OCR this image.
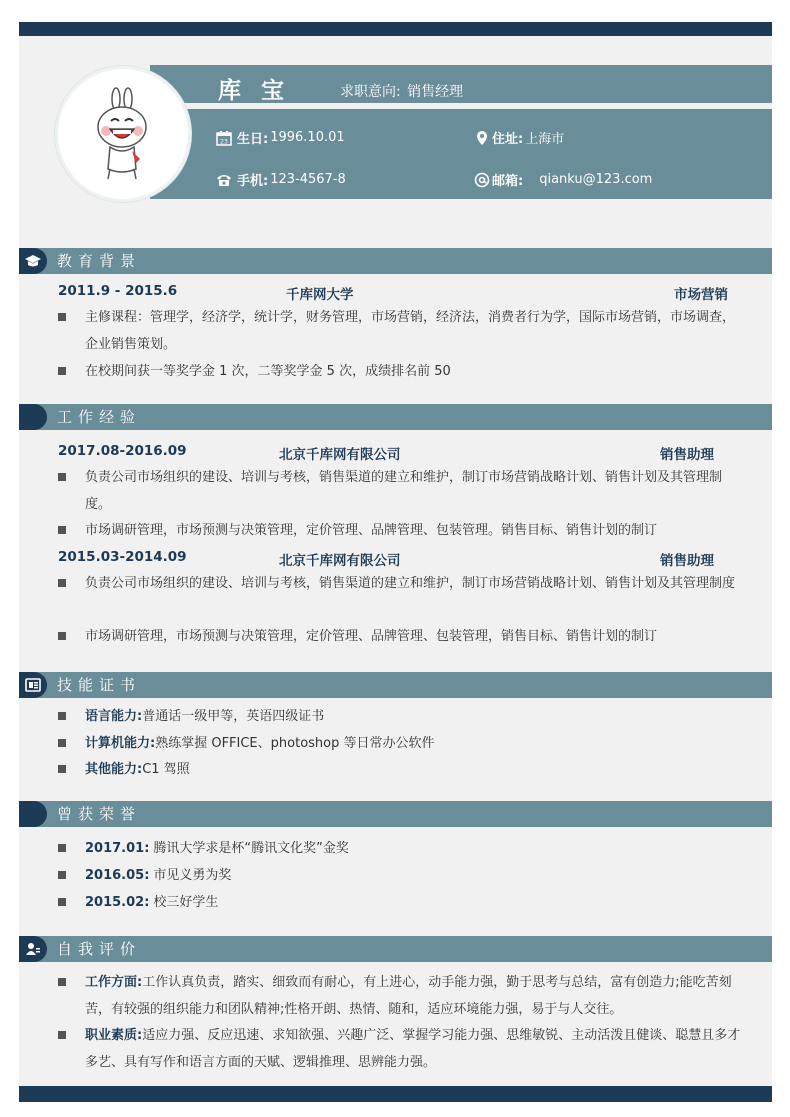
库宝	求职意向: 销售经理
23 生日: 1996.10.01	住址: 上海市
手机: 123-4567-8	邮箱: qianku@123.com
教育背景
2011.9 - 2015.6	千库网大学	市场营销
主修课程：管理学，经济学，统计学，财务管理，市场营销，经济法，消费者行为学，国际市场营销，市场调查，企业销售策划。
在校期间获一等奖学金 1 次，二等奖学金 5 次，成绩排名前 50
工作经验
2017.08-2016.09	北京千库网有限公司	销售助理
负责公司市场组织的建设、培训与考核，销售渠道的建立和维护，制订市场营销战略计划、销售计划及其管理制度。
市场调研管理，市场预测与决策管理，定价管理、品牌管理、包装管理。销售目标、销售计划的制订
2015.03-2014.09	北京千库网有限公司	销售助理
负责公司市场组织的建设、培训与考核，销售渠道的建立和维护，制订市场营销战略计划、销售计划及其管理制度
市场调研管理，市场预测与决策管理，定价管理、品牌管理、包装管理，销售目标、销售计划的制订
技能证书
语言能力:普通话一级甲等，英语四级证书
计算机能力:熟练掌握 OFFICE、photoshop 等日常办公软件
其他能力:C1 驾照
曾获荣誉
2017.01: 腾讯大学求是杯“腾讯文化奖”金奖
2016.05: 市见义勇为奖
2015.02: 校三好学生
自我评价
工作方面:工作认真负责，踏实、细致而有耐心，有上进心，动手能力强，勤于思考与总结，富有创造力;能吃苦刻苦，有较强的组织能力和团队精神;性格开朗、热情、随和，适应环境能力强，易于与人交往。
职业素质:适应力强、反应迅速、求知欲强、兴趣广泛、掌握学习能力强、思维敏锐、主动活泼且健谈、聪慧且多才多艺、具有写作和语言方面的天赋、逻辑推理、思辨能力强。
